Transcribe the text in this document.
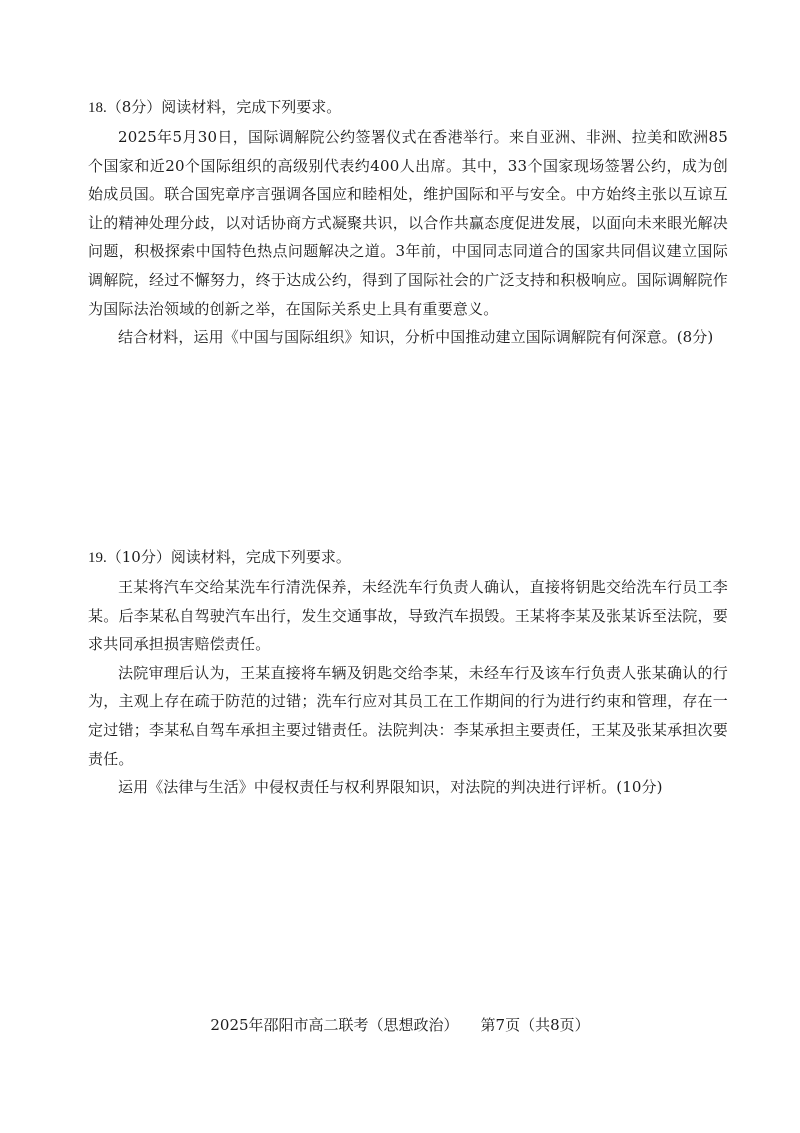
18.（8分）阅读材料，完成下列要求。

2025年5月30日，国际调解院公约签署仪式在香港举行。来自亚洲、非洲、拉美和欧洲85个国家和近20个国际组织的高级别代表约400人出席。其中，33个国家现场签署公约，成为创始成员国。联合国宪章序言强调各国应和睦相处，维护国际和平与安全。中方始终主张以互谅互让的精神处理分歧，以对话协商方式凝聚共识，以合作共赢态度促进发展，以面向未来眼光解决问题，积极探索中国特色热点问题解决之道。3年前，中国同志同道合的国家共同倡议建立国际调解院，经过不懈努力，终于达成公约，得到了国际社会的广泛支持和积极响应。国际调解院作为国际法治领域的创新之举，在国际关系史上具有重要意义。

结合材料，运用《中国与国际组织》知识，分析中国推动建立国际调解院有何深意。(8分)

19.（10分）阅读材料，完成下列要求。

王某将汽车交给某洗车行清洗保养，未经洗车行负责人确认，直接将钥匙交给洗车行员工李某。后李某私自驾驶汽车出行，发生交通事故，导致汽车损毁。王某将李某及张某诉至法院，要求共同承担损害赔偿责任。

法院审理后认为，王某直接将车辆及钥匙交给李某，未经车行及该车行负责人张某确认的行为，主观上存在疏于防范的过错；洗车行应对其员工在工作期间的行为进行约束和管理，存在一定过错；李某私自驾车承担主要过错责任。法院判决：李某承担主要责任，王某及张某承担次要责任。

运用《法律与生活》中侵权责任与权利界限知识，对法院的判决进行评析。(10分)

2025年邵阳市高二联考（思想政治） 第7页（共8页）
